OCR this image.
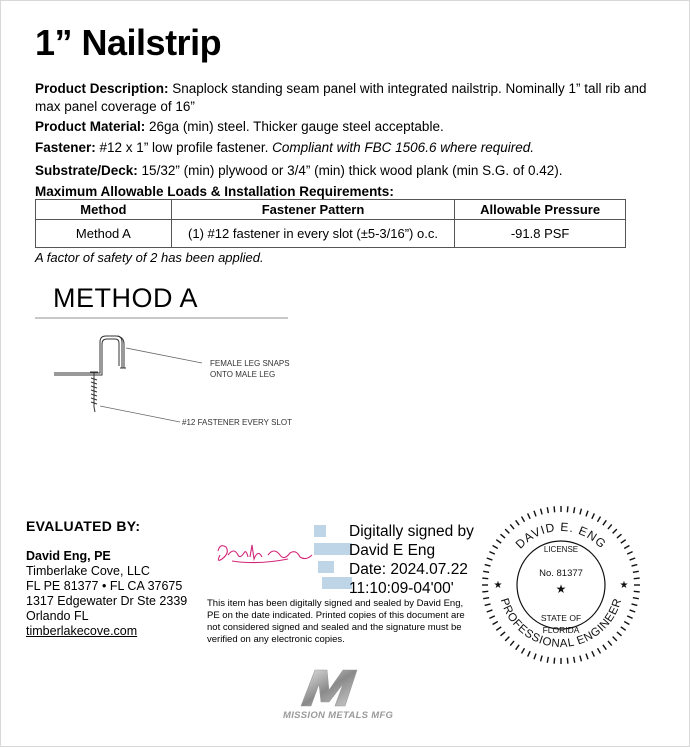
1” Nailstrip

Product Description: Snaplock standing seam panel with integrated nailstrip. Nominally 1” tall rib and max panel coverage of 16”

Product Material: 26ga (min) steel. Thicker gauge steel acceptable.

Fastener: #12 x 1” low profile fastener. Compliant with FBC 1506.6 where required.

Substrate/Deck: 15/32” (min) plywood or 3/4” (min) thick wood plank (min S.G. of 0.42).

Maximum Allowable Loads & Installation Requirements:

Method	Fastener Pattern	Allowable Pressure
Method A	(1) #12 fastener in every slot (±5-3/16”) o.c.	-91.8 PSF

A factor of safety of 2 has been applied.

METHOD A

FEMALE LEG SNAPS
ONTO MALE LEG
#12 FASTENER EVERY SLOT

EVALUATED BY:

David Eng, PE
Timberlake Cove, LLC
FL PE 81377 • FL CA 37675
1317 Edgewater Dr Ste 2339
Orlando FL
timberlakecove.com
Digitally signed by
David E Eng
Date: 2024.07.22
11:10:09-04'00'

This item has been digitally signed and sealed by David Eng, PE on the date indicated. Printed copies of this document are not considered signed and sealed and the signature must be verified on any electronic copies.

DAVID E. ENG
PROFESSIONAL ENGINEER
LICENSE
No. 81377
★
★	★
STATE OF
FLORIDA
MISSION METALS MFG
